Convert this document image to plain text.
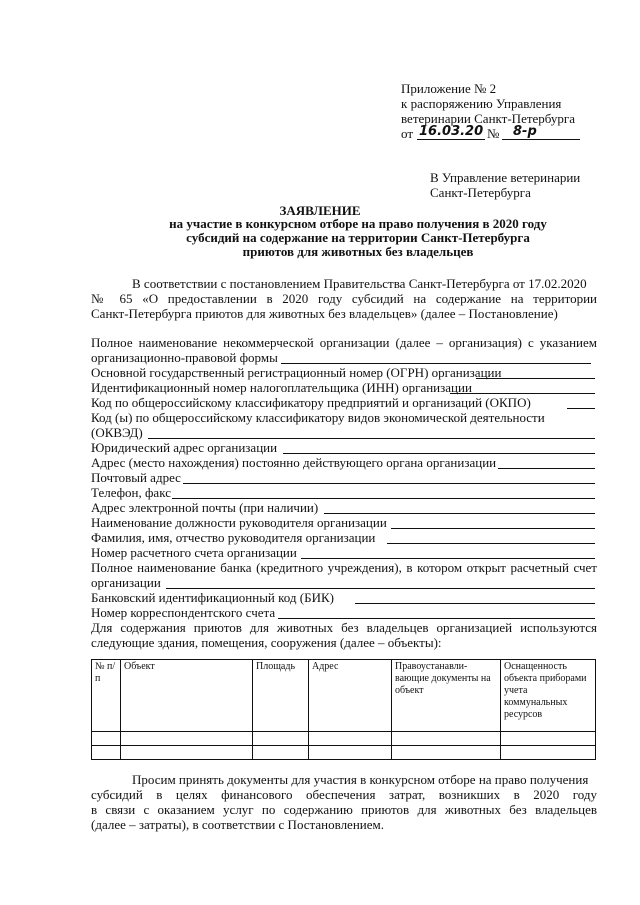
Приложение № 2
к распоряжению Управления
ветеринарии Санкт-Петербурга
от 16.03.20 № 8-р
В Управление ветеринарии
Санкт-Петербурга
ЗАЯВЛЕНИЕ
на участие в конкурсном отборе на право получения в 2020 году
субсидий на содержание на территории Санкт-Петербурга
приютов для животных без владельцев
В соответствии с постановлением Правительства Санкт-Петербурга от 17.02.2020
№ 65 «О предоставлении в 2020 году субсидий на содержание на территории
Санкт-Петербурга приютов для животных без владельцев» (далее – Постановление)
Полное наименование некоммерческой организации (далее – организация) с указанием
организационно-правовой формы
Основной государственный регистрационный номер (ОГРН) организации
Идентификационный номер налогоплательщика (ИНН) организации
Код по общероссийскому классификатору предприятий и организаций (ОКПО)
Код (ы) по общероссийскому классификатору видов экономической деятельности
(ОКВЭД)
Юридический адрес организации
Адрес (место нахождения) постоянно действующего органа организации
Почтовый адрес
Телефон, факс
Адрес электронной почты (при наличии)
Наименование должности руководителя организации
Фамилия, имя, отчество руководителя организации
Номер расчетного счета организации
Полное наименование банка (кредитного учреждения), в котором открыт расчетный счет
организации
Банковский идентификационный код (БИК)
Номер корреспондентского счета
Для содержания приютов для животных без владельцев организацией используются
следующие здания, помещения, сооружения (далее – объекты):
№ п/п	Объект	Площадь	Адрес	Правоустанавли-вающие документы на объект	Оснащенность объекта приборами учета коммунальных ресурсов

Просим принять документы для участия в конкурсном отборе на право получения
субсидий в целях финансового обеспечения затрат, возникших в 2020 году
в связи с оказанием услуг по содержанию приютов для животных без владельцев
(далее – затраты), в соответствии с Постановлением.
